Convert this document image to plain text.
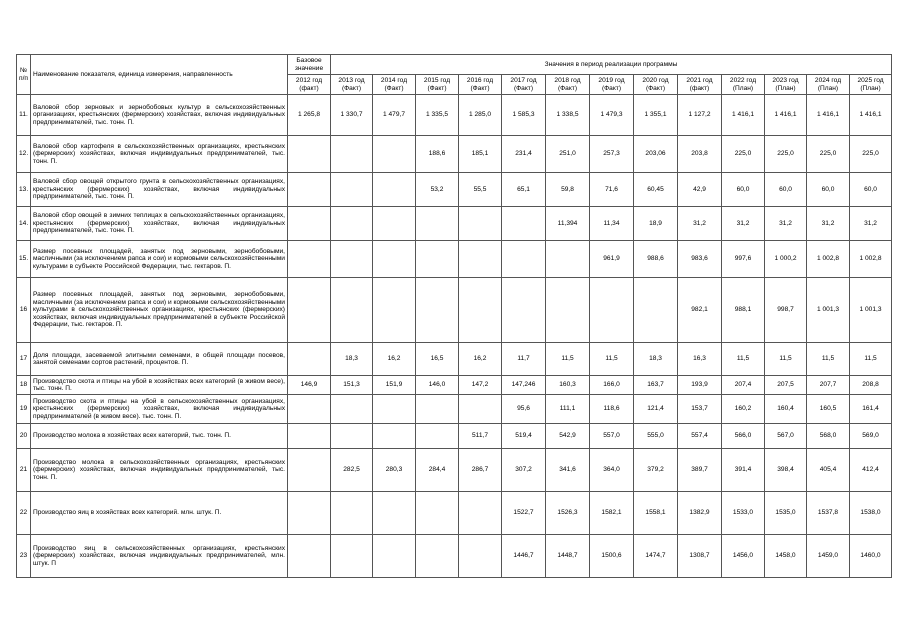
№ п/п	Наименование показателя, единица измерения, направленность	Базовое значение	Значения в период реализации программы												
		2012 год (факт)	2013 год (Факт)	2014 год (Факт)	2015 год (Факт)	2016 год (Факт)	2017 год (Факт)	2018 год (Факт)	2019 год (Факт)	2020 год (Факт)	2021 год (факт)	2022 год (План)	2023 год (План)	2024 год (План)	2025 год (План)
11.	Валовой сбор зерновых и зернобобовых культур в сельскохозяйственных организациях, крестьянских (фермерских) хозяйствах, включая индивидуальных предпринимателей, тыс. тонн. П.	1 265,8	1 330,7	1 479,7	1 335,5	1 285,0	1 585,3	1 338,5	1 479,3	1 355,1	1 127,2	1 416,1	1 416,1	1 416,1	1 416,1
12.	Валовой сбор картофеля в сельскохозяйственных организациях, крестьянских (фермерских) хозяйствах, включая индивидуальных предпринимателей, тыс. тонн. П.				188,6	185,1	231,4	251,0	257,3	203,06	203,8	225,0	225,0	225,0	225,0
13.	Валовой сбор овощей открытого грунта в сельскохозяйственных организациях, крестьянских (фермерских) хозяйствах, включая индивидуальных предпринимателей, тыс. тонн. П.				53,2	55,5	65,1	59,8	71,6	60,45	42,9	60,0	60,0	60,0	60,0
14.	Валовой сбор овощей в зимних теплицах в сельскохозяйственных организациях, крестьянских (фермерских) хозяйствах, включая индивидуальных предпринимателей, тыс. тонн. П.							11,394	11,34	18,9	31,2	31,2	31,2	31,2	31,2
15.	Размер посевных площадей, занятых под зерновыми, зернобобовыми, масличными (за исключением рапса и сои) и кормовыми сельскохозяйственными культурами в субъекте Российской Федерации, тыс. гектаров. П.								961,9	988,6	983,6	997,6	1 000,2	1 002,8	1 002,8
16	Размер посевных площадей, занятых под зерновыми, зернобобовыми, масличными (за исключением рапса и сои) и кормовыми сельскохозяйственными культурами в сельскохозяйственных организациях, крестьянских (фермерских) хозяйствах, включая индивидуальных предпринимателей в субъекте Российской Федерации, тыс. гектаров. П.										982,1	988,1	998,7	1 001,3	1 001,3
17	Доля площади, засеваемой элитными семенами, в общей площади посевов, занятой семенами сортов растений, процентов. П.		18,3	16,2	16,5	16,2	11,7	11,5	11,5	18,3	16,3	11,5	11,5	11,5	11,5
18	Производство скота и птицы на убой в хозяйствах всех категорий (в живом весе), тыс. тонн. П.	146,9	151,3	151,9	146,0	147,2	147,246	160,3	166,0	163,7	193,9	207,4	207,5	207,7	208,8
19	Производство скота и птицы на убой в сельскохозяйственных организациях, крестьянских (фермерских) хозяйствах, включая индивидуальных предпринимателей (в живом весе). тыс. тонн. П.						95,6	111,1	118,6	121,4	153,7	160,2	160,4	160,5	161,4
20	Производство молока в хозяйствах всех категорий, тыс. тонн. П.					511,7	519,4	542,9	557,0	555,0	557,4	566,0	567,0	568,0	569,0
21	Производство молока в сельскохозяйственных организациях, крестьянских (фермерских) хозяйствах, включая индивидуальных предпринимателей, тыс. тонн. П.		282,5	280,3	284,4	286,7	307,2	341,6	364,0	379,2	389,7	391,4	398,4	405,4	412,4
22	Производство яиц в хозяйствах всех категорий. млн. штук. П.						1522,7	1526,3	1582,1	1558,1	1382,9	1533,0	1535,0	1537,8	1538,0
23	Производство яиц в сельскохозяйственных организациях, крестьянских (фермерских) хозяйствах, включая индивидуальных предпринимателей, млн. штук. П						1446,7	1448,7	1500,6	1474,7	1308,7	1456,0	1458,0	1459,0	1460,0
